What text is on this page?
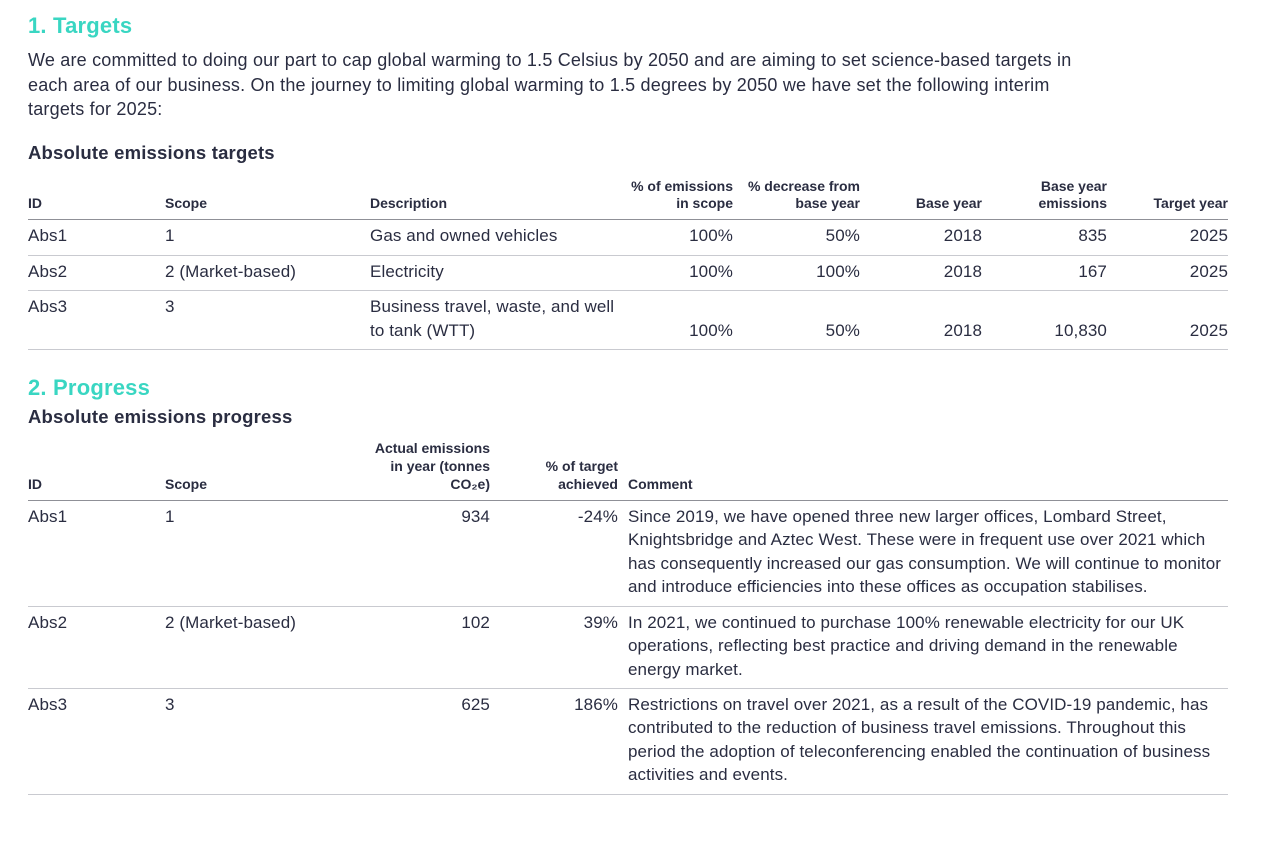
1. Targets

We are committed to doing our part to cap global warming to 1.5 Celsius by 2050 and are aiming to set science-based targets in each area of our business. On the journey to limiting global warming to 1.5 degrees by 2050 we have set the following interim targets for 2025:

Absolute emissions targets
ID	Scope	Description	% of emissions in scope	% decrease from base year	Base year	Base year emissions	Target year
Abs1	1	Gas and owned vehicles	100%	50%	2018	835	2025
Abs2	2 (Market-based)	Electricity	100%	100%	2018	167	2025
Abs3	3	Business travel, waste, and well to tank (WTT)	100%	50%	2018	10,830	2025
2. Progress
Absolute emissions progress
ID	Scope	Actual emissions in year (tonnes CO₂e)	% of target achieved	Comment
Abs1	1	934	-24%	Since 2019, we have opened three new larger offices, Lombard Street, Knightsbridge and Aztec West. These were in frequent use over 2021 which has consequently increased our gas consumption. We will continue to monitor and introduce efficiencies into these offices as occupation stabilises.
Abs2	2 (Market-based)	102	39%	In 2021, we continued to purchase 100% renewable electricity for our UK operations, reflecting best practice and driving demand in the renewable energy market.
Abs3	3	625	186%	Restrictions on travel over 2021, as a result of the COVID-19 pandemic, has contributed to the reduction of business travel emissions. Throughout this period the adoption of teleconferencing enabled the continuation of business activities and events.
